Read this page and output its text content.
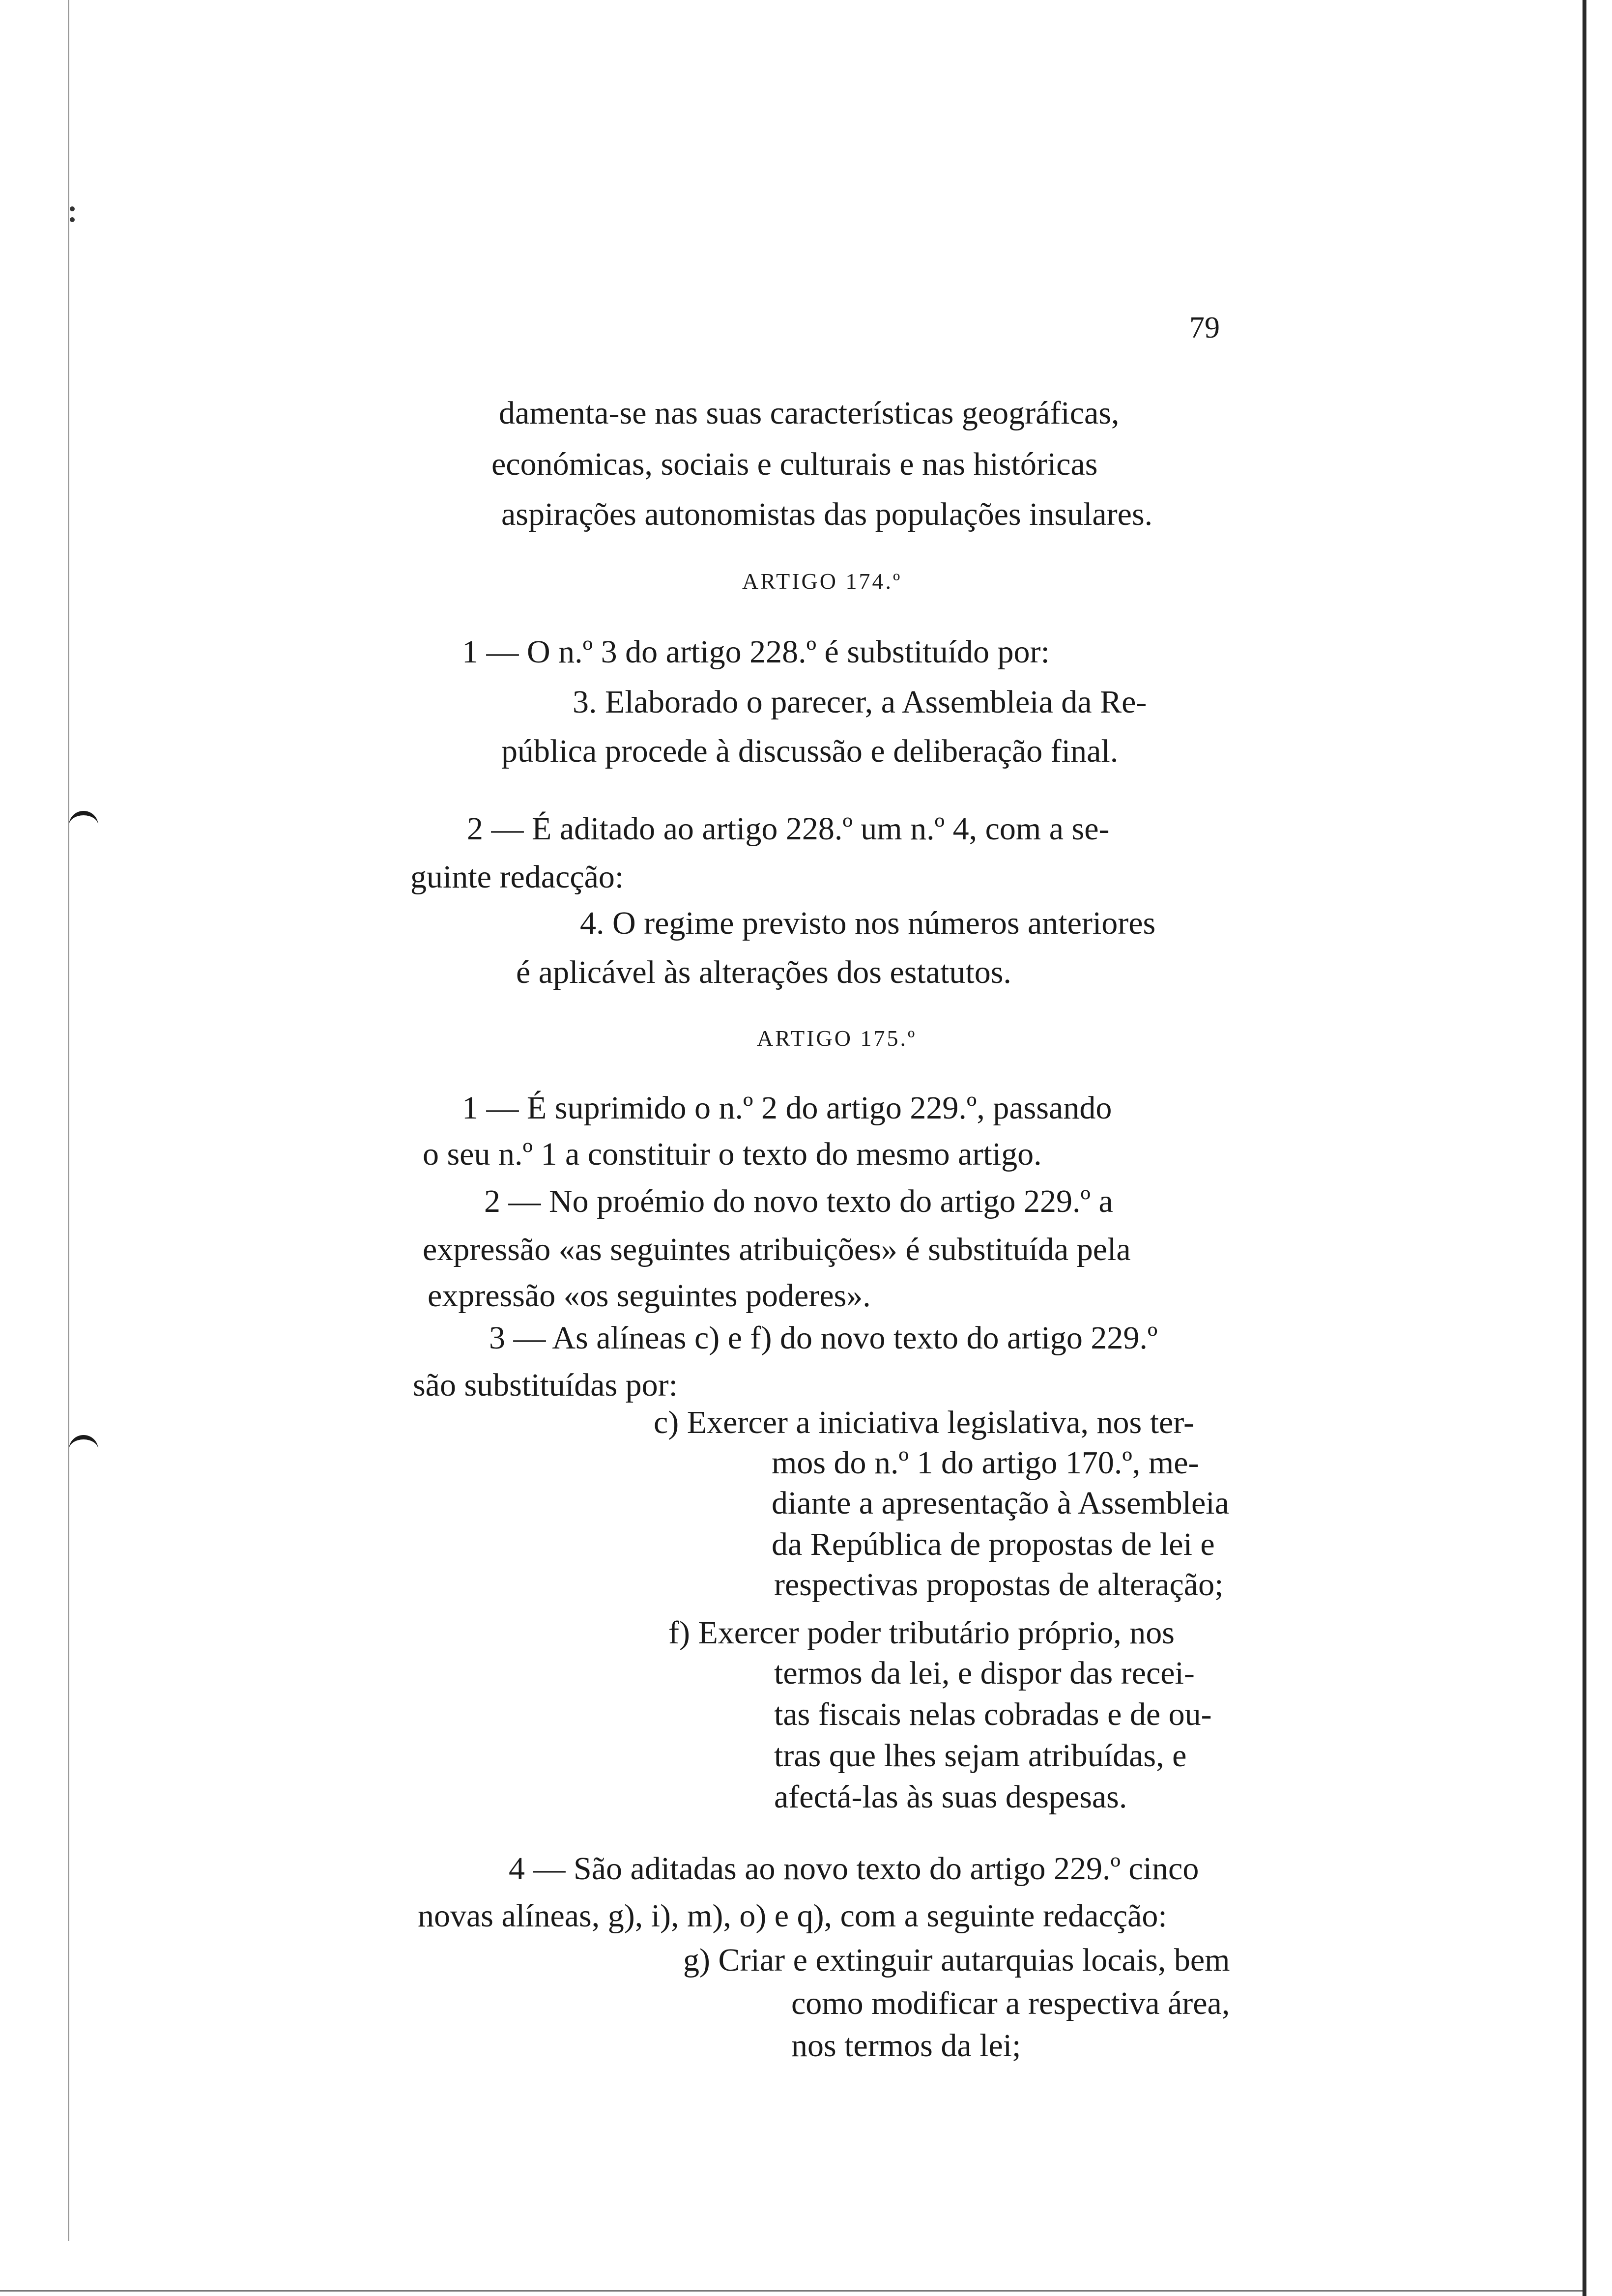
79
damenta-se nas suas características geográficas,
económicas, sociais e culturais e nas históricas
aspirações autonomistas das populações insulares.
ARTIGO 174.º
1 — O n.º 3 do artigo 228.º é substituído por:
3. Elaborado o parecer, a Assembleia da Re-
pública procede à discussão e deliberação final.
2 — É aditado ao artigo 228.º um n.º 4, com a se-
guinte redacção:
4. O regime previsto nos números anteriores
é aplicável às alterações dos estatutos.
ARTIGO 175.º
1 — É suprimido o n.º 2 do artigo 229.º, passando
o seu n.º 1 a constituir o texto do mesmo artigo.
2 — No proémio do novo texto do artigo 229.º a
expressão «as seguintes atribuições» é substituída pela
expressão «os seguintes poderes».
3 — As alíneas c) e f) do novo texto do artigo 229.º
são substituídas por:
c) Exercer a iniciativa legislativa, nos ter-
mos do n.º 1 do artigo 170.º, me-
diante a apresentação à Assembleia
da República de propostas de lei e
respectivas propostas de alteração;
f) Exercer poder tributário próprio, nos
termos da lei, e dispor das recei-
tas fiscais nelas cobradas e de ou-
tras que lhes sejam atribuídas, e
afectá-las às suas despesas.
4 — São aditadas ao novo texto do artigo 229.º cinco
novas alíneas, g), i), m), o) e q), com a seguinte redacção:
g) Criar e extinguir autarquias locais, bem
como modificar a respectiva área,
nos termos da lei;
